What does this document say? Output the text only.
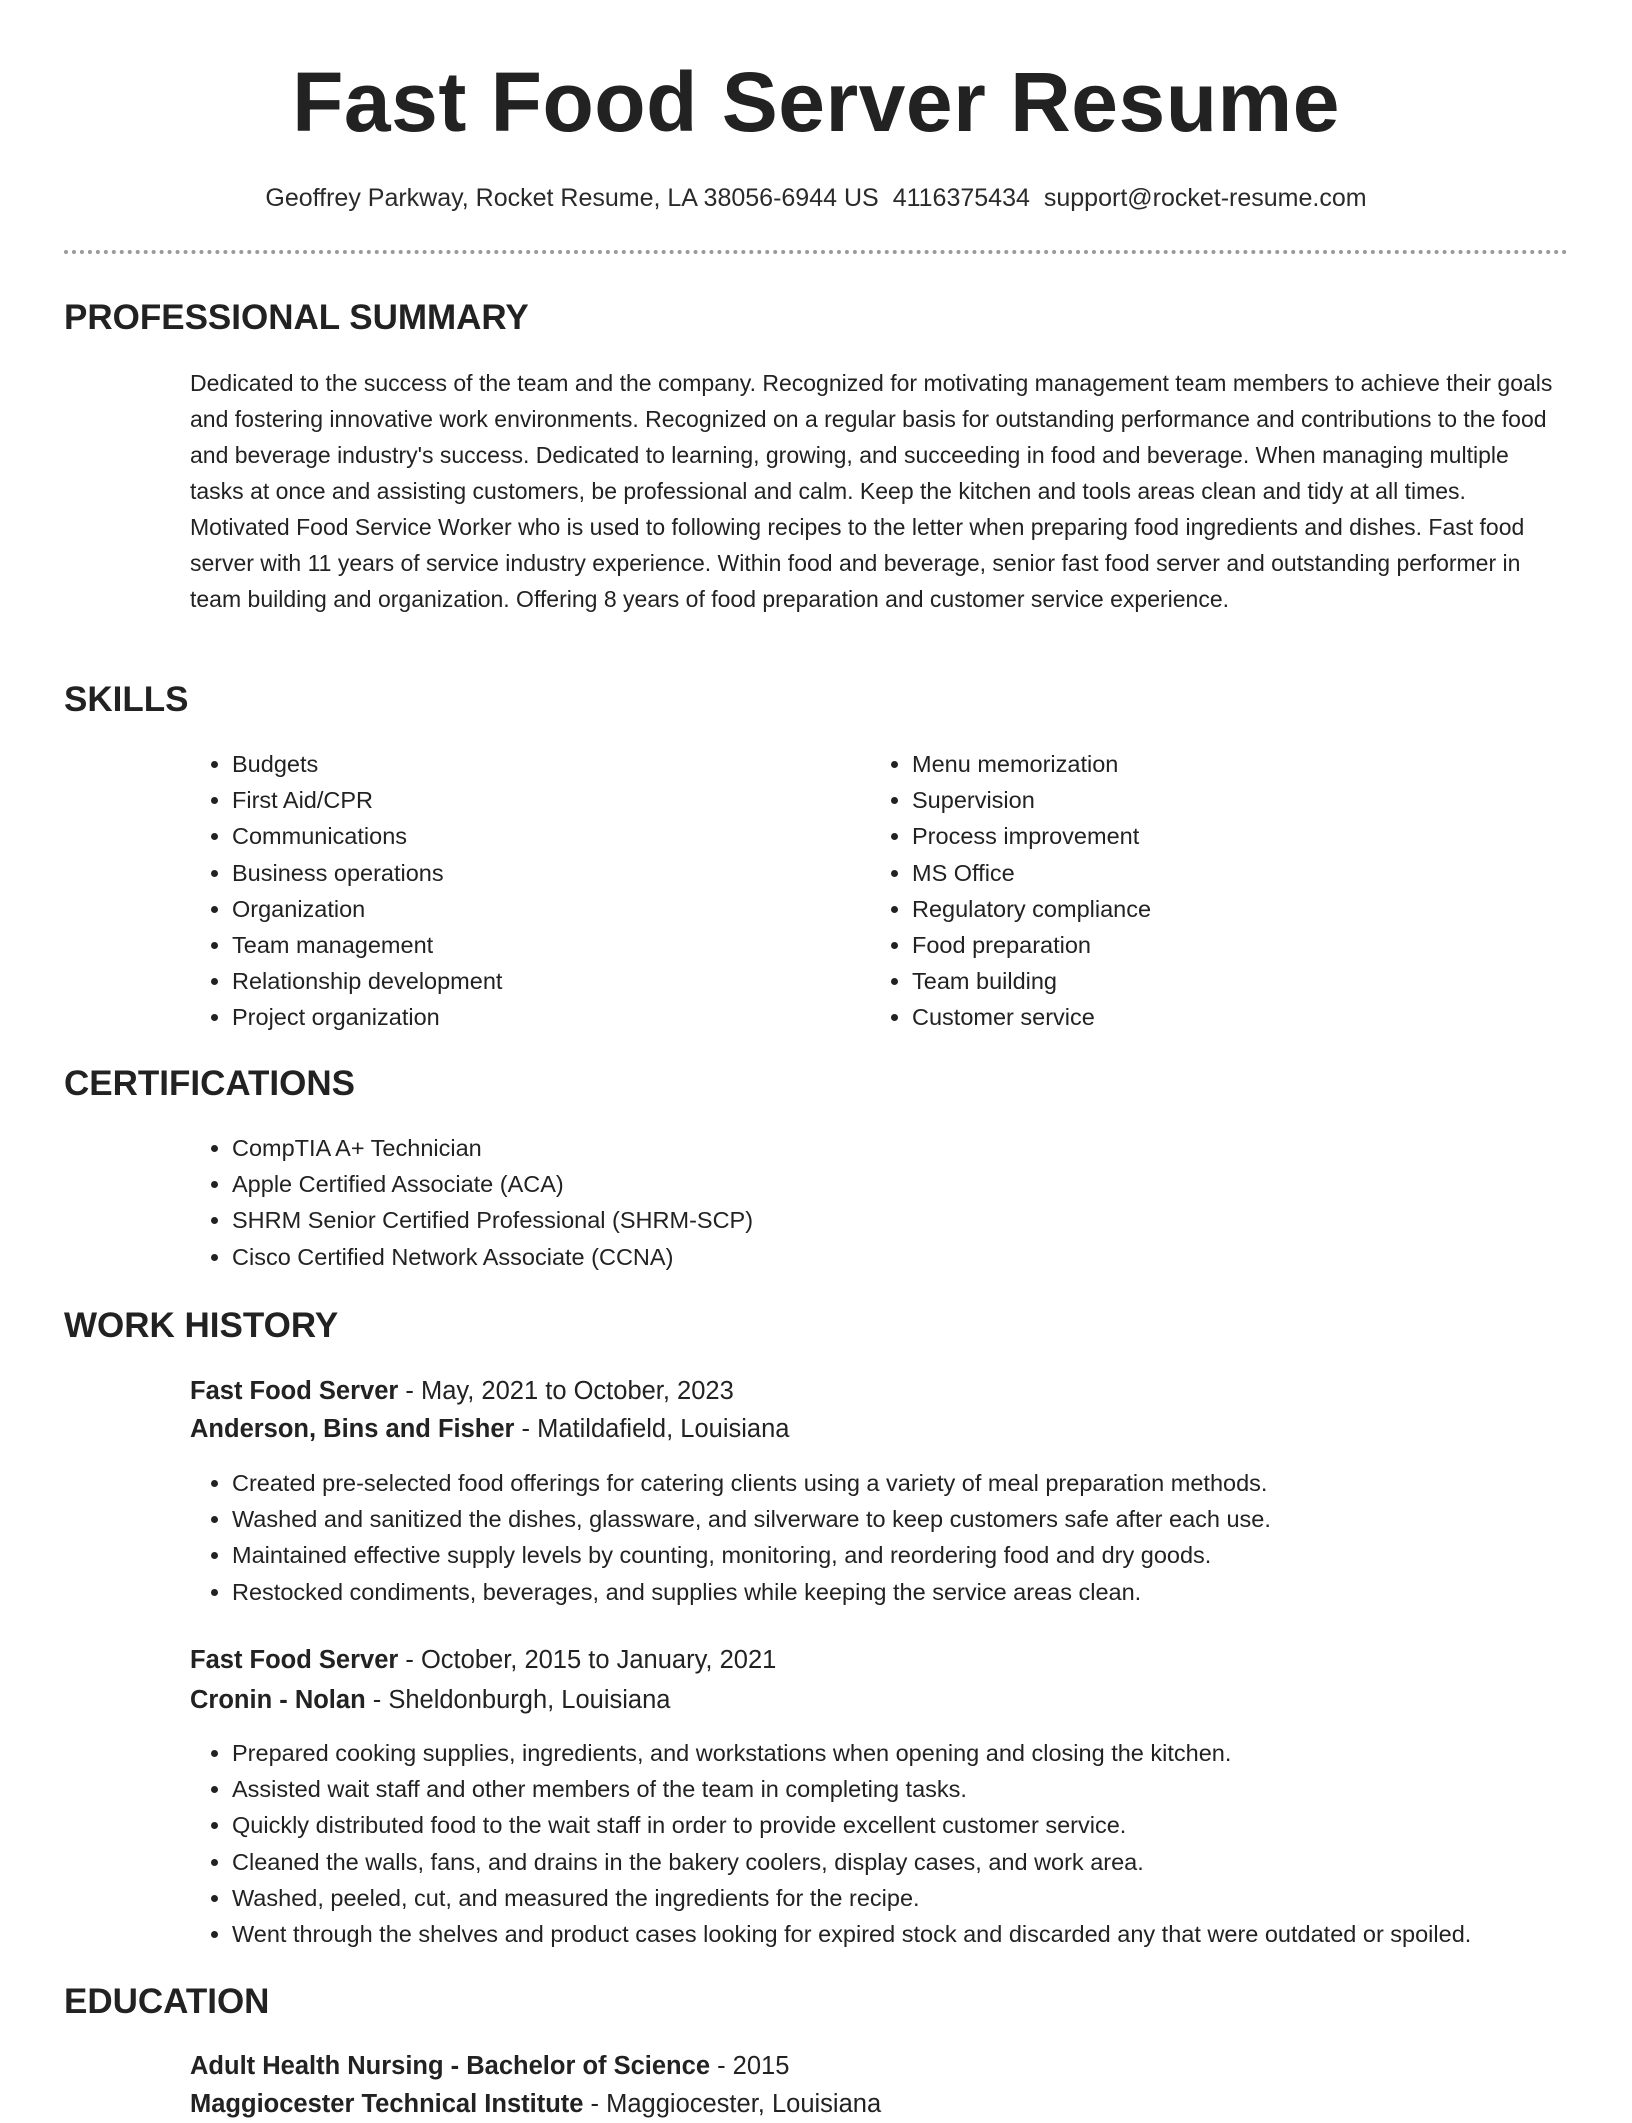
Fast Food Server Resume
Geoffrey Parkway, Rocket Resume, LA 38056-6944 US 4116375434 support@rocket-resume.com
PROFESSIONAL SUMMARY
Dedicated to the success of the team and the company. Recognized for motivating management team members to achieve their goals and fostering innovative work environments. Recognized on a regular basis for outstanding performance and contributions to the food and beverage industry's success. Dedicated to learning, growing, and succeeding in food and beverage. When managing multiple tasks at once and assisting customers, be professional and calm. Keep the kitchen and tools areas clean and tidy at all times. Motivated Food Service Worker who is used to following recipes to the letter when preparing food ingredients and dishes. Fast food server with 11 years of service industry experience. Within food and beverage, senior fast food server and outstanding performer in team building and organization. Offering 8 years of food preparation and customer service experience.
SKILLS
• Budgets
• First Aid/CPR
• Communications
• Business operations
• Organization
• Team management
• Relationship development
• Project organization
• Menu memorization
• Supervision
• Process improvement
• MS Office
• Regulatory compliance
• Food preparation
• Team building
• Customer service
CERTIFICATIONS
• CompTIA A+ Technician
• Apple Certified Associate (ACA)
• SHRM Senior Certified Professional (SHRM-SCP)
• Cisco Certified Network Associate (CCNA)
WORK HISTORY
Fast Food Server - May, 2021 to October, 2023
Anderson, Bins and Fisher - Matildafield, Louisiana
• Created pre-selected food offerings for catering clients using a variety of meal preparation methods.
• Washed and sanitized the dishes, glassware, and silverware to keep customers safe after each use.
• Maintained effective supply levels by counting, monitoring, and reordering food and dry goods.
• Restocked condiments, beverages, and supplies while keeping the service areas clean.
Fast Food Server - October, 2015 to January, 2021
Cronin - Nolan - Sheldonburgh, Louisiana
• Prepared cooking supplies, ingredients, and workstations when opening and closing the kitchen.
• Assisted wait staff and other members of the team in completing tasks.
• Quickly distributed food to the wait staff in order to provide excellent customer service.
• Cleaned the walls, fans, and drains in the bakery coolers, display cases, and work area.
• Washed, peeled, cut, and measured the ingredients for the recipe.
• Went through the shelves and product cases looking for expired stock and discarded any that were outdated or spoiled.
EDUCATION
Adult Health Nursing - Bachelor of Science - 2015
Maggiocester Technical Institute - Maggiocester, Louisiana
